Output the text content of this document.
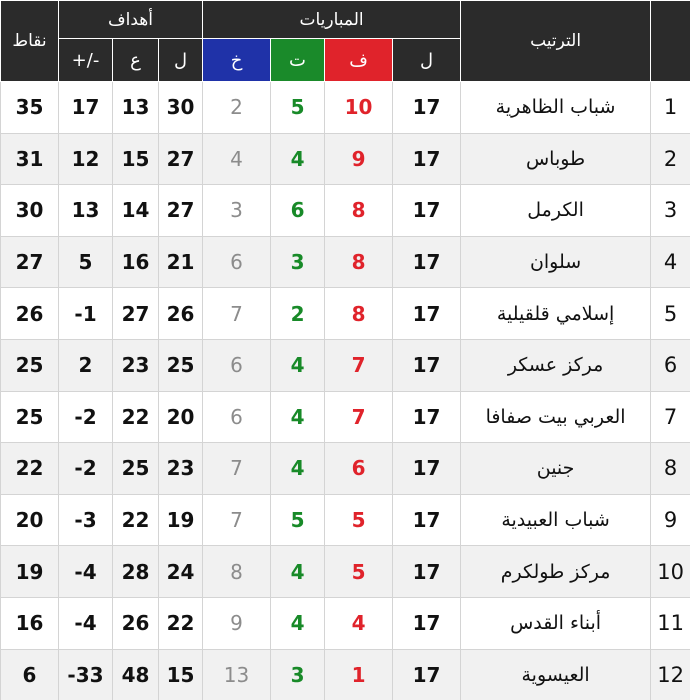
نقاط	أهداف			المباريات				الترتيب	
	+/-	ع	ل	خ	ت	ف	ل		
35	17	13	30	2	5	10	17	شباب الظاهرية	1
31	12	15	27	4	4	9	17	طوباس	2
30	13	14	27	3	6	8	17	الكرمل	3
27	5	16	21	6	3	8	17	سلوان	4
26	-1	27	26	7	2	8	17	إسلامي قلقيلية	5
25	2	23	25	6	4	7	17	مركز عسكر	6
25	-2	22	20	6	4	7	17	العربي بيت صفافا	7
22	-2	25	23	7	4	6	17	جنين	8
20	-3	22	19	7	5	5	17	شباب العبيدية	9
19	-4	28	24	8	4	5	17	مركز طولكرم	10
16	-4	26	22	9	4	4	17	أبناء القدس	11
6	-33	48	15	13	3	1	17	العيسوية	12
